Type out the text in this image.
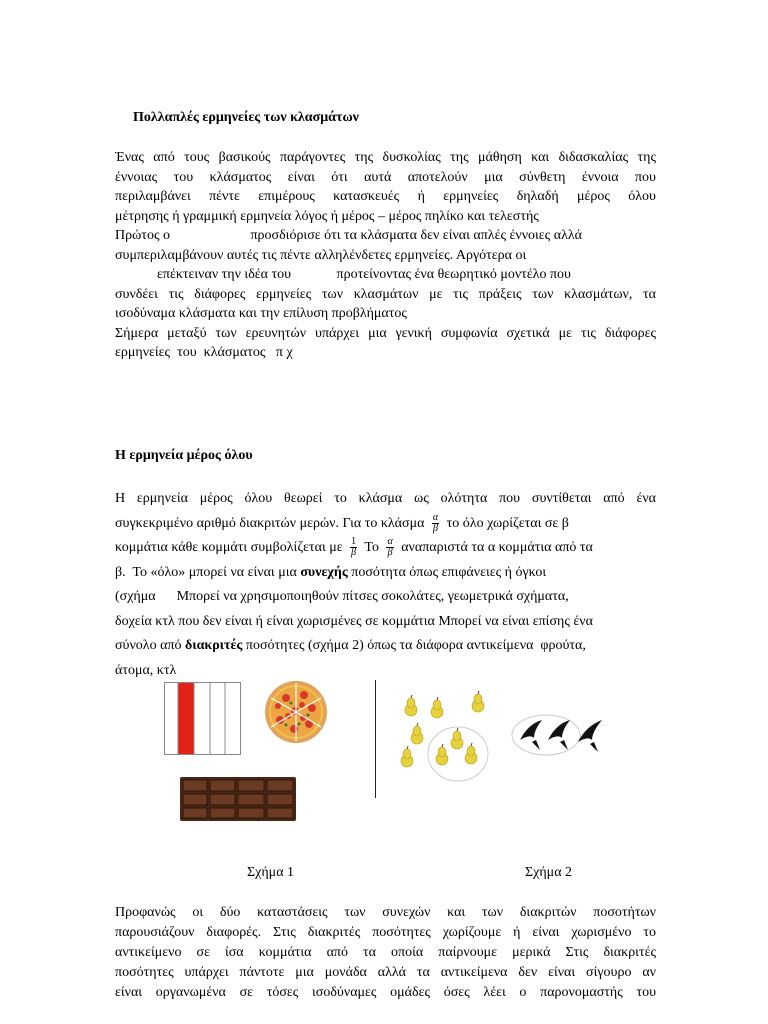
Πολλαπλές ερμηνείες των κλασμάτων
Ένας από τους βασικούς παράγοντες της δυσκολίας της μάθηση και διδασκαλίας της
έννοιας του κλάσματος είναι ότι αυτά αποτελούν μια σύνθετη έννοια που
περιλαμβάνει πέντε επιμέρους κατασκευές ή ερμηνείες δηλαδή μέρος όλου
μέτρησης ή γραμμική ερμηνεία λόγος ή μέρος – μέρος πηλίκο και τελεστής
Πρώτος ο                       προσδιόρισε ότι τα κλάσματα δεν είναι απλές έννοιες αλλά
συμπεριλαμβάνουν αυτές τις πέντε αλληλένδετες ερμηνείες. Αργότερα οι
επέκτειναν την ιδέα του             προτείνοντας ένα θεωρητικό μοντέλο που
συνδέει τις διάφορες ερμηνείες των κλασμάτων με τις πράξεις των κλασμάτων, τα
ισοδύναμα κλάσματα και την επίλυση προβλήματος
Σήμερα μεταξύ των ερευνητών υπάρχει μια γενική συμφωνία σχετικά με τις διάφορες
ερμηνείες  του  κλάσματος   π χ
Η ερμηνεία μέρος όλου
Η ερμηνεία μέρος όλου θεωρεί το κλάσμα ως ολότητα που συντίθεται από ένα
συγκεκριμένο αριθμό διακριτών μερών. Για το κλάσμα $\frac{\alpha}{\beta}$ το όλο χωρίζεται σε β
κομμάτια κάθε κομμάτι συμβολίζεται με $\frac{1}{\beta}$ Το $\frac{\alpha}{\beta}$ αναπαριστά τα α κομμάτια από τα
β.  Το «όλο» μπορεί να είναι μια συνεχής ποσότητα όπως επιφάνειες ή όγκοι
(σχήμα      Μπορεί να χρησιμοποιηθούν πίτσες σοκολάτες, γεωμετρικά σχήματα,
δοχεία κτλ που δεν είναι ή είναι χωρισμένες σε κομμάτια Μπορεί να είναι επίσης ένα
σύνολο από διακριτές ποσότητες (σχήμα 2) όπως τα διάφορα αντικείμενα  φρούτα,
άτομα, κτλ
Σχήμα 1	Σχήμα 2
Προφανώς οι δύο καταστάσεις των συνεχών και των διακριτών ποσοτήτων
παρουσιάζουν διαφορές. Στις διακριτές ποσότητες χωρίζουμε ή είναι χωρισμένο το
αντικείμενο σε ίσα κομμάτια από τα οποία παίρνουμε μερικά Στις διακριτές
ποσότητες υπάρχει πάντοτε μια μονάδα αλλά τα αντικείμενα δεν είναι σίγουρο αν
είναι οργανωμένα σε τόσες ισοδύναμες ομάδες όσες λέει ο παρονομαστής του
